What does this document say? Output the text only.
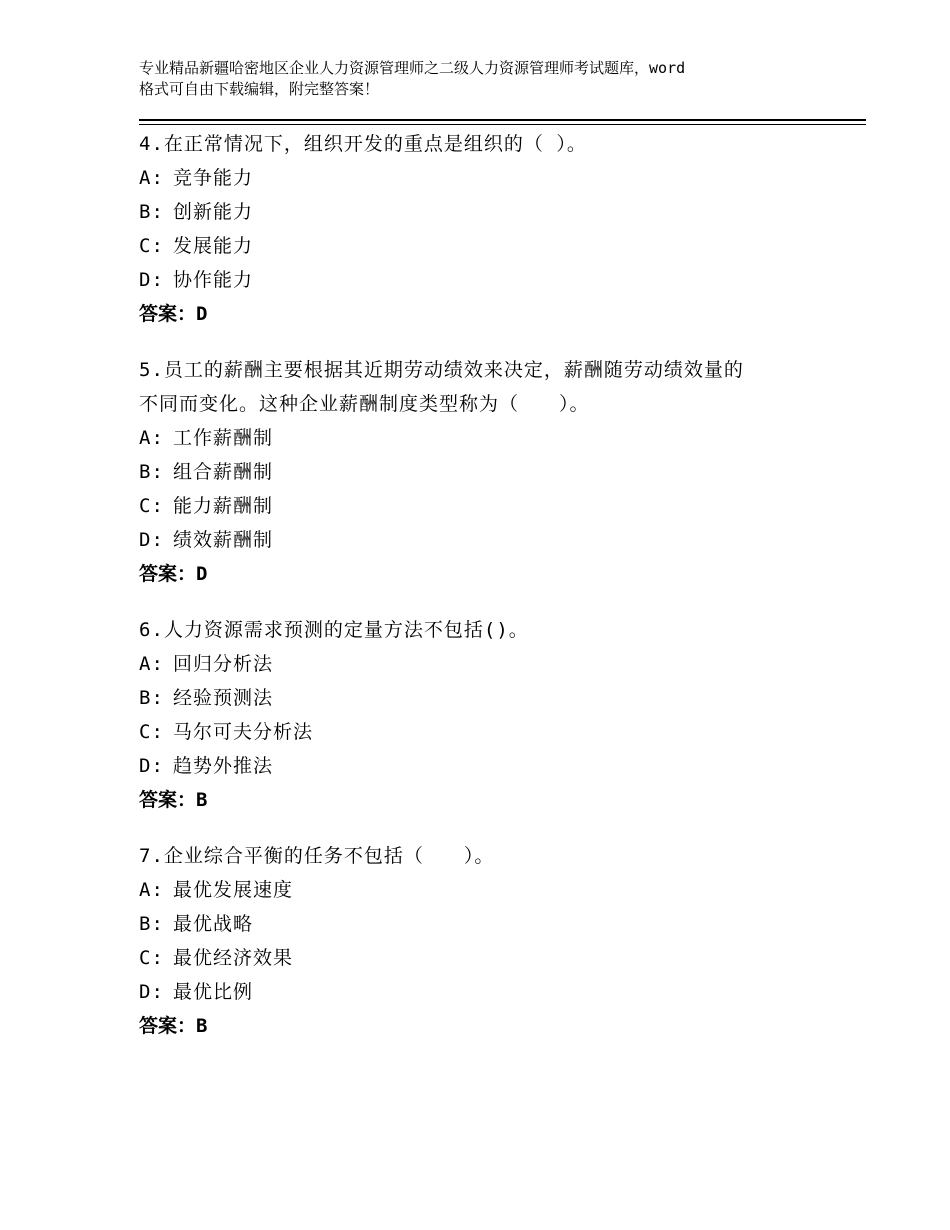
专业精品新疆哈密地区企业人力资源管理师之二级人力资源管理师考试题库，word
格式可自由下载编辑，附完整答案！
4.在正常情况下，组织开发的重点是组织的（ ）。
A: 竞争能力
B: 创新能力
C: 发展能力
D: 协作能力
答案：D
5.员工的薪酬主要根据其近期劳动绩效来决定，薪酬随劳动绩效量的
不同而变化。这种企业薪酬制度类型称为（　　）。
A: 工作薪酬制
B: 组合薪酬制
C: 能力薪酬制
D: 绩效薪酬制
答案：D
6.人力资源需求预测的定量方法不包括()。
A: 回归分析法
B: 经验预测法
C: 马尔可夫分析法
D: 趋势外推法
答案：B
7.企业综合平衡的任务不包括（　　）。
A: 最优发展速度
B: 最优战略
C: 最优经济效果
D: 最优比例
答案：B
